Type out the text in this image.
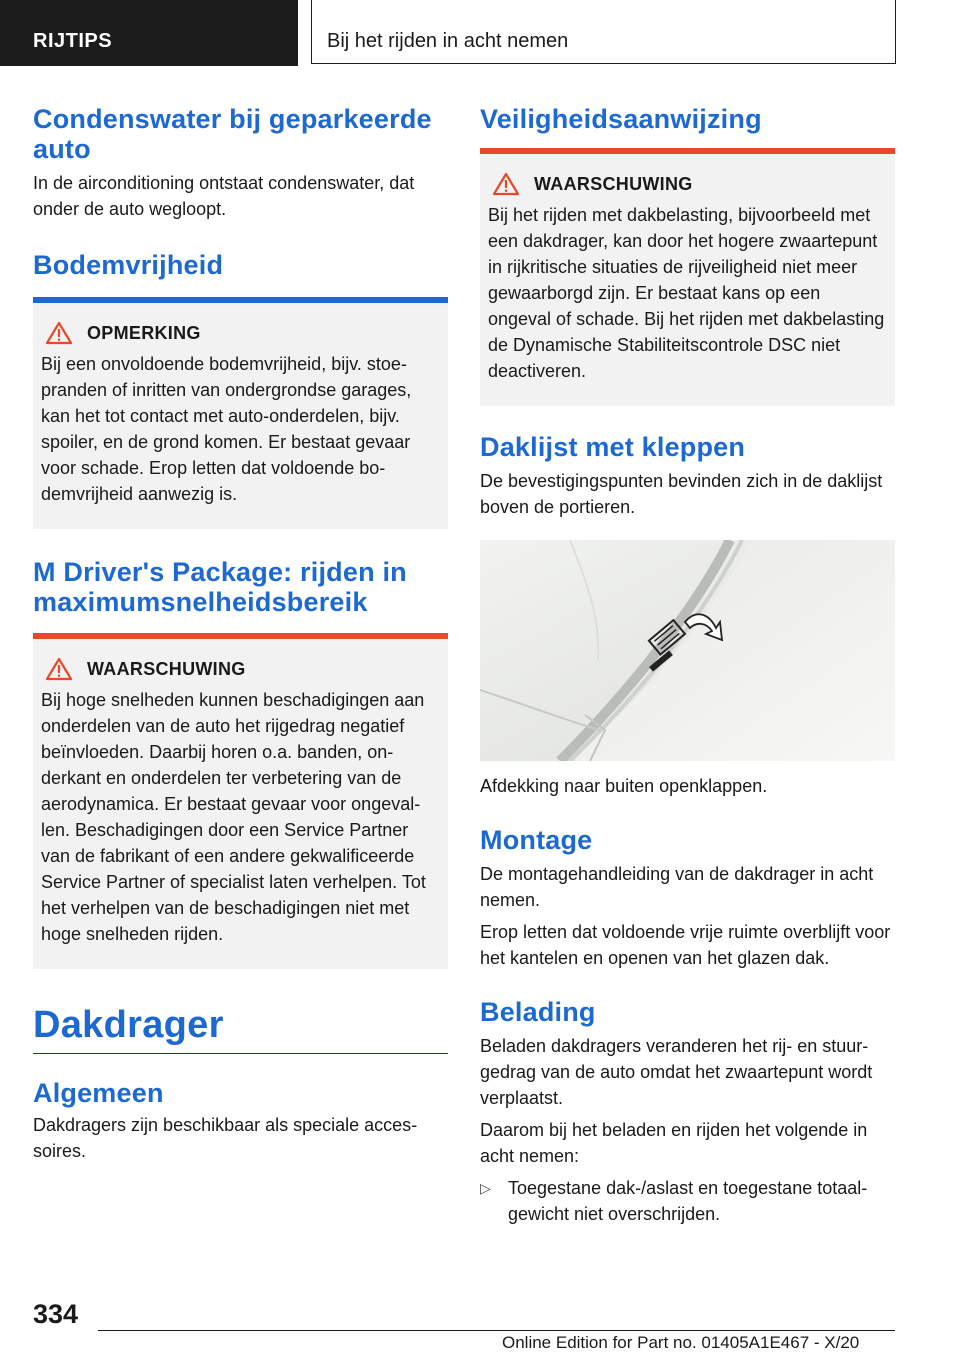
RIJTIPS	Bij het rijden in acht nemen
Condenswater bij geparkeerde auto

In de airconditioning ontstaat condenswater, dat onder de auto wegloopt.

Bodemvrijheid
OPMERKING

Bij een onvoldoende bodemvrijheid, bijv. stoepranden of inritten van ondergrondse garages, kan het tot contact met auto-onderdelen, bijv. spoiler, en de grond komen. Er bestaat gevaar voor schade. Erop letten dat voldoende bodemvrijheid aanwezig is.

M Driver's Package: rijden in maximumsnelheidsbereik
WAARSCHUWING

Bij hoge snelheden kunnen beschadigingen aan onderdelen van de auto het rijgedrag negatief beïnvloeden. Daarbij horen o.a. banden, onderkant en onderdelen ter verbetering van de aerodynamica. Er bestaat gevaar voor ongevallen. Beschadigingen door een Service Partner van de fabrikant of een andere gekwalificeerde Service Partner of specialist laten verhelpen. Tot het verhelpen van de beschadigingen niet met hoge snelheden rijden.

Dakdrager
Algemeen

Dakdragers zijn beschikbaar als speciale accessoires.

Veiligheidsaanwijzing
WAARSCHUWING

Bij het rijden met dakbelasting, bijvoorbeeld met een dakdrager, kan door het hogere zwaartepunt in rijkritische situaties de rijveiligheid niet meer gewaarborgd zijn. Er bestaat kans op een ongeval of schade. Bij het rijden met dakbelasting de Dynamische Stabiliteitscontrole DSC niet deactiveren.

Daklijst met kleppen

De bevestigingspunten bevinden zich in de daklijst boven de portieren.

Afdekking naar buiten openklappen.

Montage

De montagehandleiding van de dakdrager in acht nemen.

Erop letten dat voldoende vrije ruimte overblijft voor het kantelen en openen van het glazen dak.

Belading

Beladen dakdragers veranderen het rij- en stuurgedrag van de auto omdat het zwaartepunt wordt verplaatst.

Daarom bij het beladen en rijden het volgende in acht nemen:

▷ Toegestane dak-/aslast en toegestane totaalgewicht niet overschrijden.

334
Online Edition for Part no. 01405A1E467 - X/20
